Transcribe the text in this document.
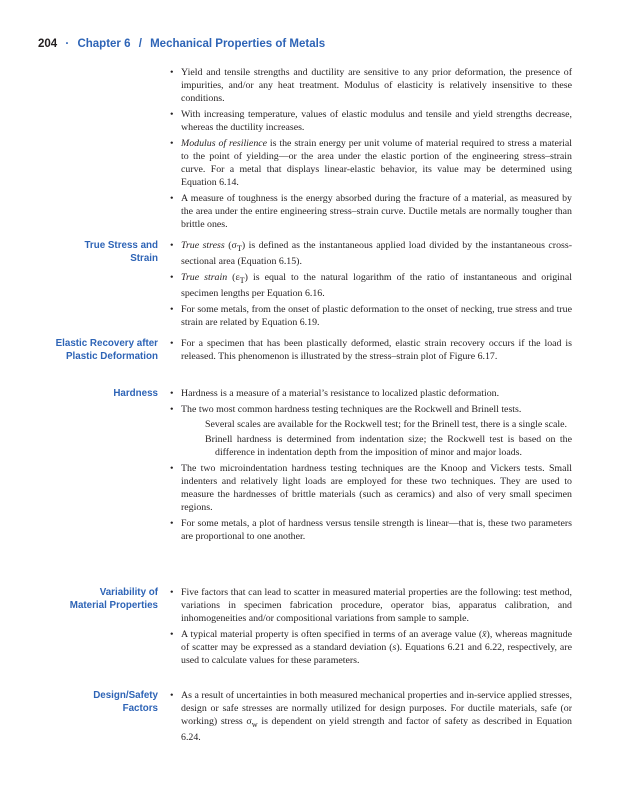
204 · Chapter 6 / Mechanical Properties of Metals
• Yield and tensile strengths and ductility are sensitive to any prior deformation, the presence of impurities, and/or any heat treatment. Modulus of elasticity is relatively insensitive to these conditions.
• With increasing temperature, values of elastic modulus and tensile and yield strengths decrease, whereas the ductility increases.
• Modulus of resilience is the strain energy per unit volume of material required to stress a material to the point of yielding—or the area under the elastic portion of the engineering stress–strain curve. For a metal that displays linear-elastic behavior, its value may be determined using Equation 6.14.
• A measure of toughness is the energy absorbed during the fracture of a material, as measured by the area under the entire engineering stress–strain curve. Ductile metals are normally tougher than brittle ones.
True Stress and
Strain
• True stress $(\sigma_T)$ is defined as the instantaneous applied load divided by the instantaneous cross-sectional area (Equation 6.15).
• True strain $(\varepsilon_T)$ is equal to the natural logarithm of the ratio of instantaneous and original specimen lengths per Equation 6.16.
• For some metals, from the onset of plastic deformation to the onset of necking, true stress and true strain are related by Equation 6.19.
Elastic Recovery after
Plastic Deformation
• For a specimen that has been plastically deformed, elastic strain recovery occurs if the load is released. This phenomenon is illustrated by the stress–strain plot of Figure 6.17.
Hardness
•	Hardness is a measure of a material’s resistance to localized plastic deformation.
• The two most common hardness testing techniques are the Rockwell and Brinell tests.
Several scales are available for the Rockwell test; for the Brinell test, there is a single scale.
Brinell hardness is determined from indentation size; the Rockwell test is based on the difference in indentation depth from the imposition of minor and major loads.
• The two microindentation hardness testing techniques are the Knoop and Vickers tests. Small indenters and relatively light loads are employed for these two techniques. They are used to measure the hardnesses of brittle materials (such as ceramics) and also of very small specimen regions.
• For some metals, a plot of hardness versus tensile strength is linear—that is, these two parameters are proportional to one another.
Variability of
Material Properties
• Five factors that can lead to scatter in measured material properties are the following: test method, variations in specimen fabrication procedure, operator bias, apparatus calibration, and inhomogeneities and/or compositional variations from sample to sample.
• A typical material property is often specified in terms of an average value (x̄), whereas magnitude of scatter may be expressed as a standard deviation (s). Equations 6.21 and 6.22, respectively, are used to calculate values for these parameters.
Design/Safety
Factors
• As a result of uncertainties in both measured mechanical properties and in-service applied stresses, design or safe stresses are normally utilized for design purposes. For ductile materials, safe (or working) stress $\sigma_w$ is dependent on yield strength and factor of safety as described in Equation 6.24.
